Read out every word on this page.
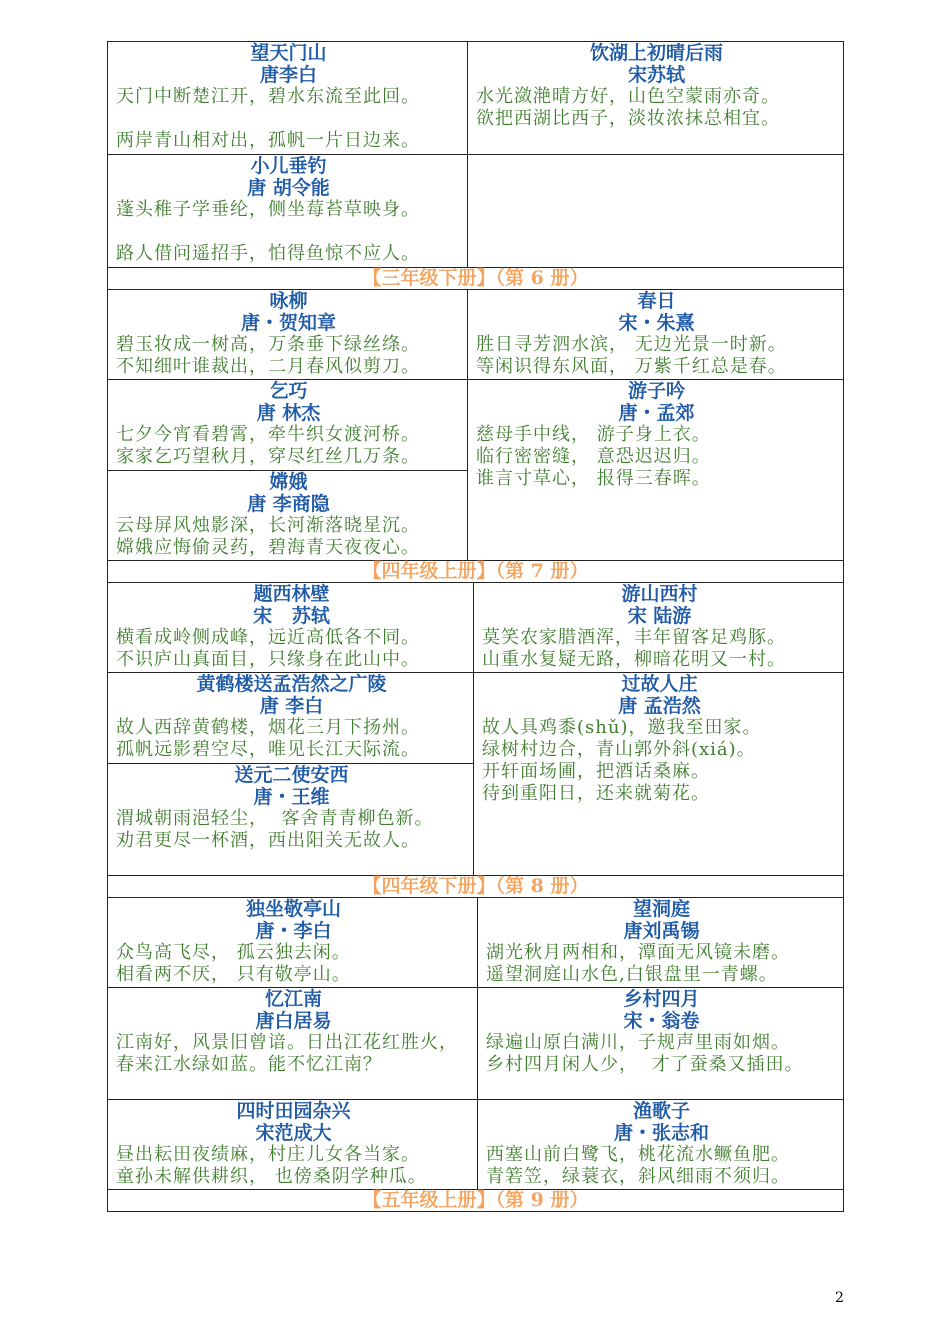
望天门山
唐李白
天门中断楚江开，碧水东流至此回。
两岸青山相对出，孤帆一片日边来。
饮湖上初晴后雨
宋苏轼
水光潋滟晴方好，山色空蒙雨亦奇。
欲把西湖比西子，淡妆浓抹总相宜。
小儿垂钓
唐 胡令能
蓬头稚子学垂纶，侧坐莓苔草映身。
路人借问遥招手，怕得鱼惊不应人。
【三年级下册】（第 6 册）
咏柳
唐・贺知章
碧玉妆成一树高，万条垂下绿丝绦。
不知细叶谁裁出，二月春风似剪刀。
春日
宋・朱熹
胜日寻芳泗水滨， 无边光景一时新。
等闲识得东风面， 万紫千红总是春。
乞巧
唐 林杰
七夕今宵看碧霄，牵牛织女渡河桥。
家家乞巧望秋月，穿尽红丝几万条。
嫦娥
唐 李商隐
云母屏风烛影深，长河渐落晓星沉。
嫦娥应悔偷灵药，碧海青天夜夜心。
游子吟
唐・孟郊
慈母手中线， 游子身上衣。
临行密密缝， 意恐迟迟归。
谁言寸草心， 报得三春晖。
【四年级上册】（第 7 册）
题西林壁
宋   苏轼
横看成岭侧成峰，远近高低各不同。
不识庐山真面目，只缘身在此山中。
游山西村
宋 陆游
莫笑农家腊酒浑，丰年留客足鸡豚。
山重水复疑无路，柳暗花明又一村。
黄鹤楼送孟浩然之广陵
唐 李白
故人西辞黄鹤楼，烟花三月下扬州。
孤帆远影碧空尽，唯见长江天际流。
送元二使安西
唐・王维
渭城朝雨浥轻尘，  客舍青青柳色新。
劝君更尽一杯酒，西出阳关无故人。
过故人庄
唐 孟浩然
故人具鸡黍(shǔ)，邀我至田家。
绿树村边合，青山郭外斜(xiá)。
开轩面场圃，把酒话桑麻。
待到重阳日，还来就菊花。
【四年级下册】（第 8 册）
独坐敬亭山
唐・李白
众鸟高飞尽， 孤云独去闲。
相看两不厌， 只有敬亭山。
望洞庭
唐刘禹锡
湖光秋月两相和，潭面无风镜未磨。
遥望洞庭山水色,白银盘里一青螺。
忆江南
唐白居易
江南好，风景旧曾谙。日出江花红胜火，春来江水绿如蓝。能不忆江南？
乡村四月
宋・翁卷
绿遍山原白满川，子规声里雨如烟。
乡村四月闲人少，  才了蚕桑又插田。
四时田园杂兴
宋范成大
昼出耘田夜绩麻，村庄儿女各当家。
童孙未解供耕织， 也傍桑阴学种瓜。
渔歌子
唐・张志和
西塞山前白鹭飞，桃花流水鳜鱼肥。
青箬笠，绿蓑衣，斜风细雨不须归。
【五年级上册】（第 9 册）
2
